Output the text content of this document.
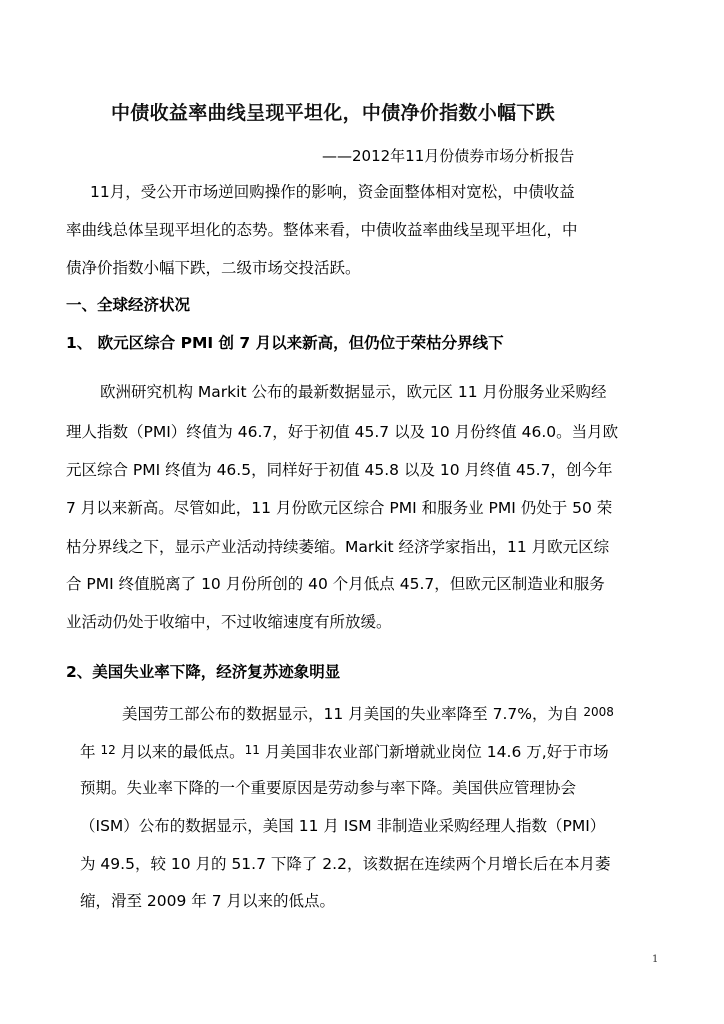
中债收益率曲线呈现平坦化，中债净价指数小幅下跌
——2012年11月份债券市场分析报告
11月，受公开市场逆回购操作的影响，资金面整体相对宽松，中债收益
率曲线总体呈现平坦化的态势。整体来看，中债收益率曲线呈现平坦化，中
债净价指数小幅下跌，二级市场交投活跃。
一、全球经济状况
1、 欧元区综合 PMI 创 7 月以来新高，但仍位于荣枯分界线下
欧洲研究机构 Markit 公布的最新数据显示，欧元区 11 月份服务业采购经
理人指数（PMI）终值为 46.7，好于初值 45.7 以及 10 月份终值 46.0。当月欧
元区综合 PMI 终值为 46.5，同样好于初值 45.8 以及 10 月终值 45.7，创今年
7 月以来新高。尽管如此，11 月份欧元区综合 PMI 和服务业 PMI 仍处于 50 荣
枯分界线之下，显示产业活动持续萎缩。Markit 经济学家指出，11 月欧元区综
合 PMI 终值脱离了 10 月份所创的 40 个月低点 45.7，但欧元区制造业和服务
业活动仍处于收缩中，不过收缩速度有所放缓。
2、美国失业率下降，经济复苏迹象明显
美国劳工部公布的数据显示，11 月美国的失业率降至 7.7%，为自 2008
年 12 月以来的最低点。11 月美国非农业部门新增就业岗位 14.6 万,好于市场
预期。失业率下降的一个重要原因是劳动参与率下降。美国供应管理协会
（ISM）公布的数据显示，美国 11 月 ISM 非制造业采购经理人指数（PMI）
为 49.5，较 10 月的 51.7 下降了 2.2，该数据在连续两个月增长后在本月萎
缩，滑至 2009 年 7 月以来的低点。
1
